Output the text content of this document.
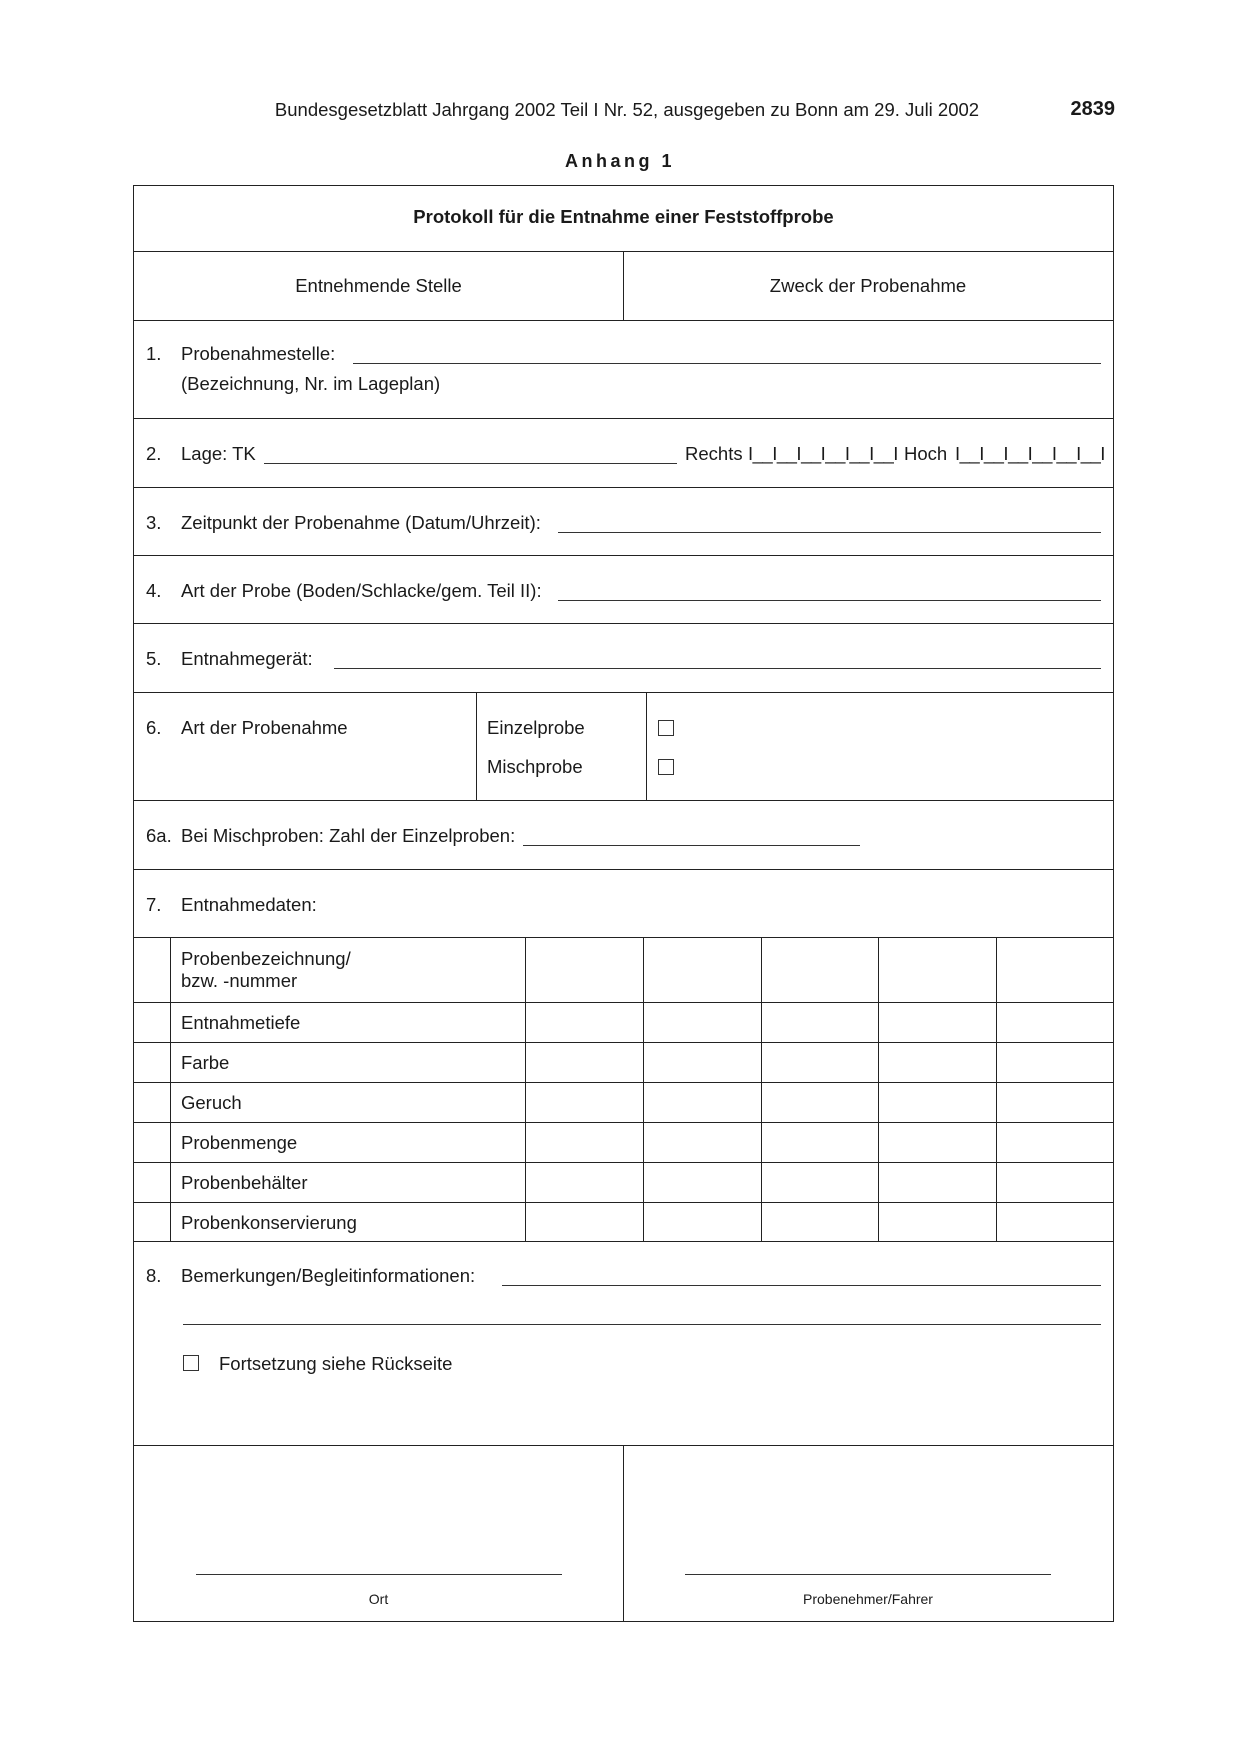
Bundesgesetzblatt Jahrgang 2002 Teil I Nr. 52, ausgegeben zu Bonn am 29. Juli 2002	2839
Anhang 1
Protokoll für die Entnahme einer Feststoffprobe
Entnehmende Stelle	Zweck der Probenahme
1. Probenahmestelle:
(Bezeichnung, Nr. im Lageplan)
2. Lage: TK	Rechts I__I__I__I__I__I__I Hoch I__I__I__I__I__I__I
3. Zeitpunkt der Probenahme (Datum/Uhrzeit):
4. Art der Probe (Boden/Schlacke/gem. Teil II):
5. Entnahmegerät:
6. Art der Probenahme	Einzelprobe
Mischprobe
6a. Bei Mischproben: Zahl der Einzelproben:
7. Entnahmedaten:
Probenbezeichnung/
bzw. -nummer
Entnahmetiefe
Farbe
Geruch
Probenmenge
Probenbehälter
Probenkonservierung
8. Bemerkungen/Begleitinformationen:
Fortsetzung siehe Rückseite
Ort	Probenehmer/Fahrer
